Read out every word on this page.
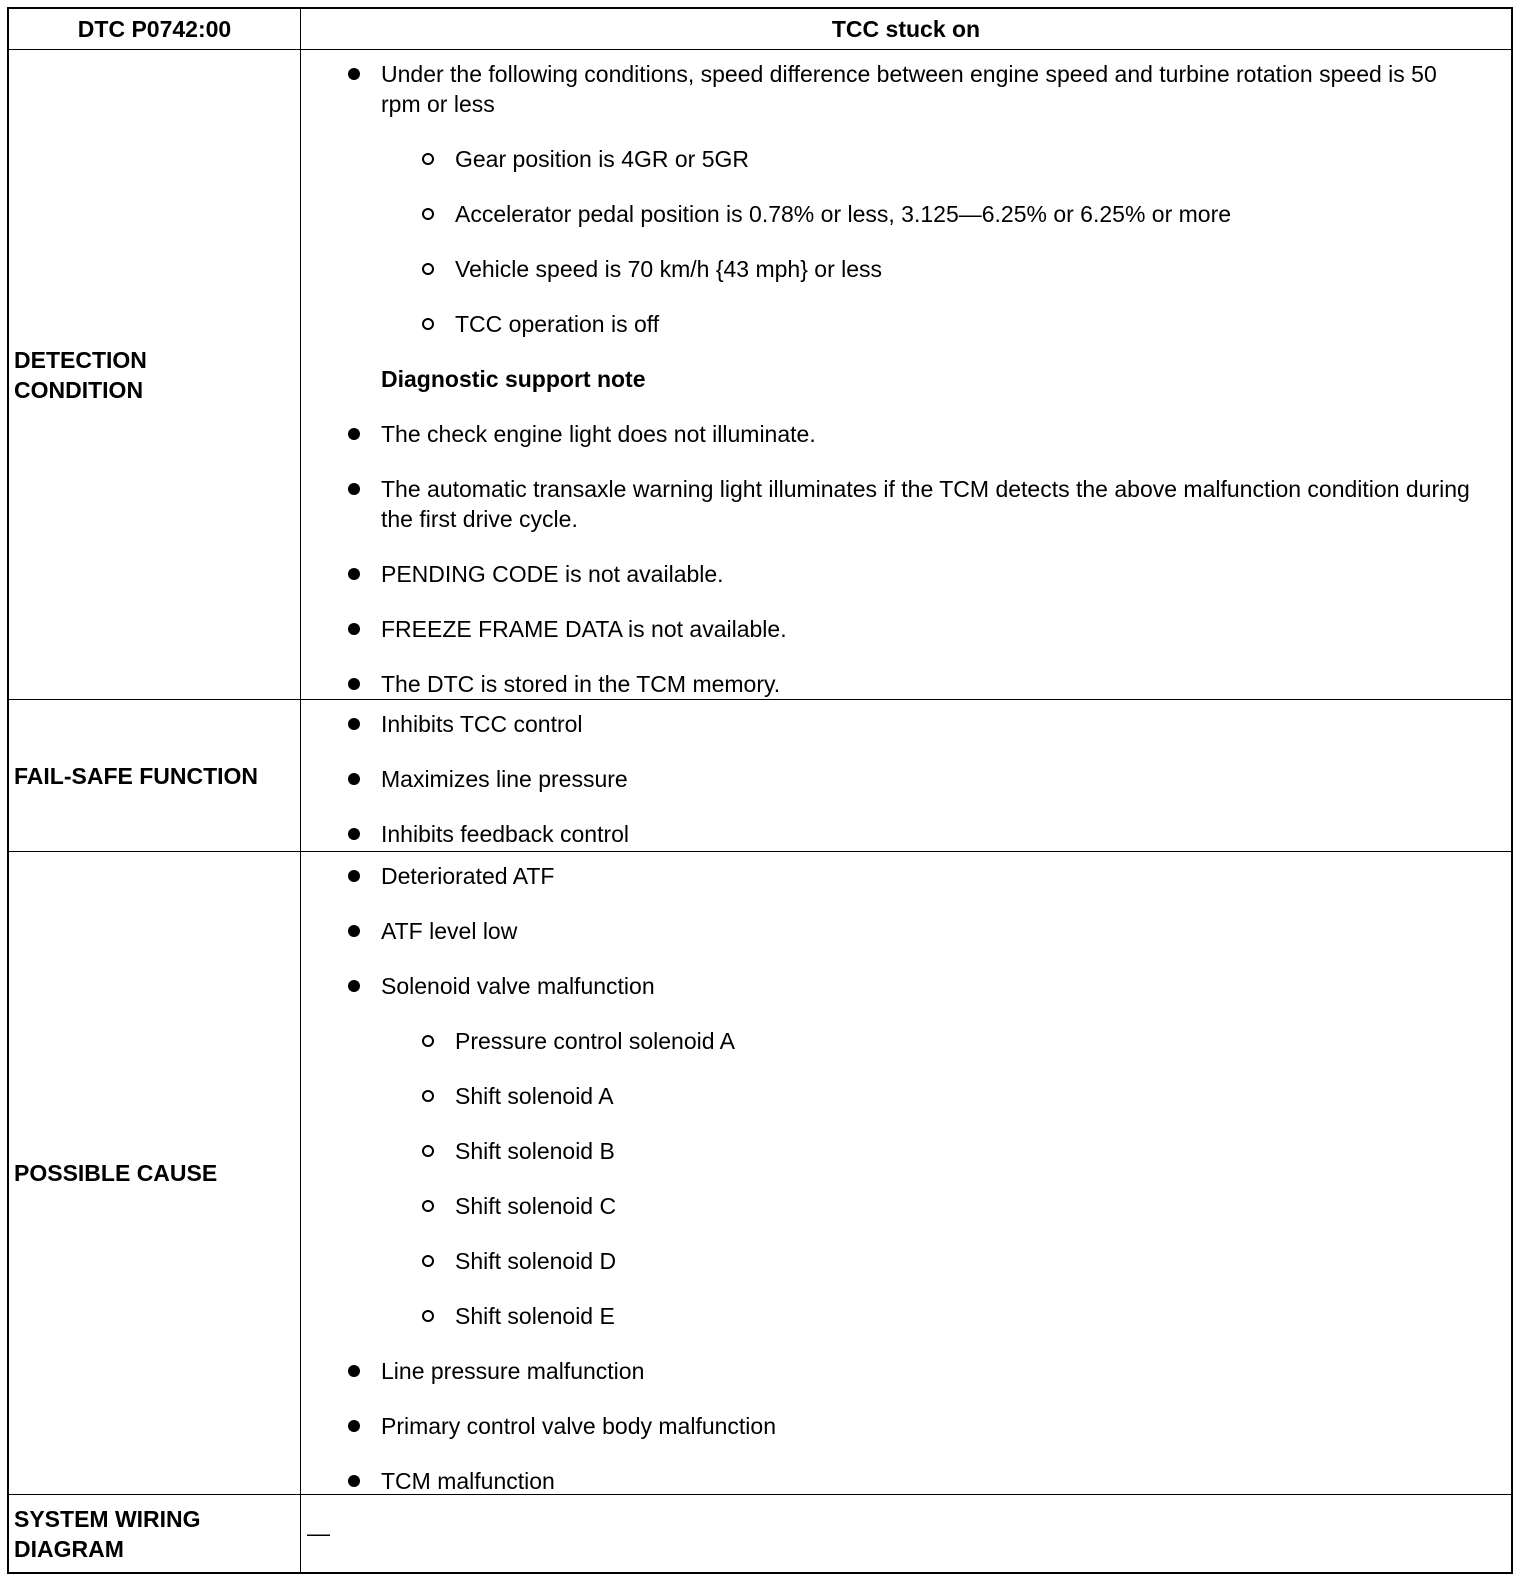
DTC P0742:00	TCC stuck on
DETECTION CONDITION
Under the following conditions, speed difference between engine speed and turbine rotation speed is 50 rpm or less
Gear position is 4GR or 5GR
Accelerator pedal position is 0.78% or less, 3.125—6.25% or 6.25% or more
Vehicle speed is 70 km/h {43 mph} or less
TCC operation is off
Diagnostic support note
The check engine light does not illuminate.
The automatic transaxle warning light illuminates if the TCM detects the above malfunction condition during the first drive cycle.
PENDING CODE is not available.
FREEZE FRAME DATA is not available.
The DTC is stored in the TCM memory.
FAIL-SAFE FUNCTION
Inhibits TCC control
Maximizes line pressure
Inhibits feedback control
POSSIBLE CAUSE
Deteriorated ATF
ATF level low
Solenoid valve malfunction
Pressure control solenoid A
Shift solenoid A
Shift solenoid B
Shift solenoid C
Shift solenoid D
Shift solenoid E
Line pressure malfunction
Primary control valve body malfunction
TCM malfunction
SYSTEM WIRING DIAGRAM
—
